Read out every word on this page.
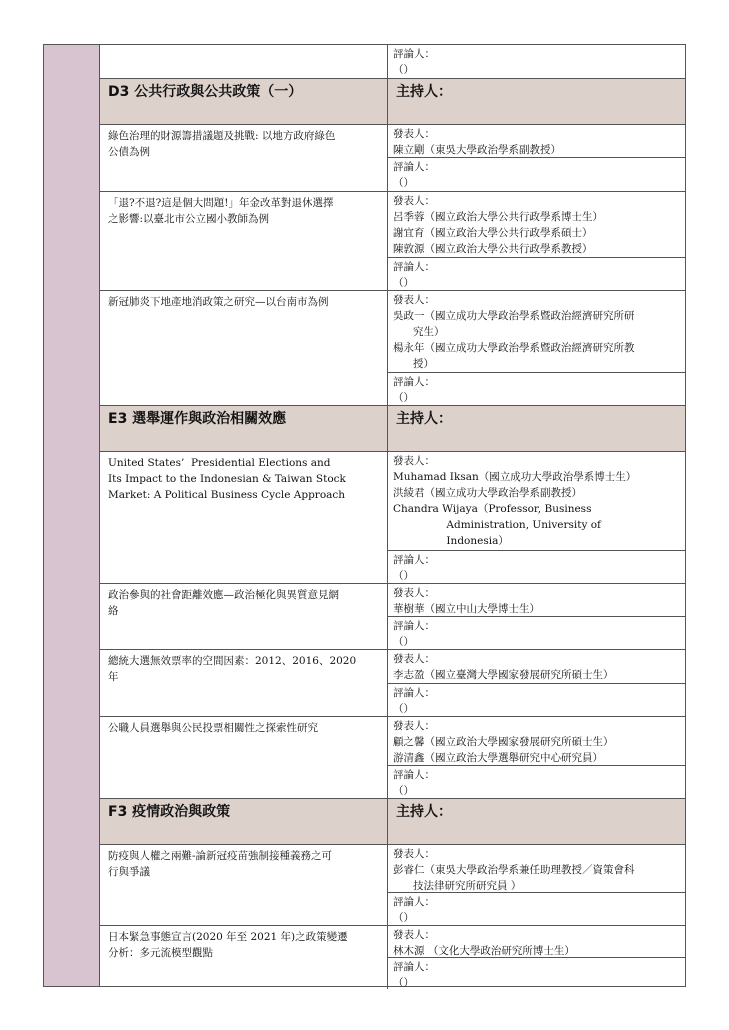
評論人：
（）
D3 公共行政與公共政策（一）	主持人：
綠色治理的財源籌措議題及挑戰: 以地方政府綠色
公債為例
發表人：
陳立剛（東吳大學政治學系副教授）
評論人：
（）
「退?不退?這是個大問題!」年金改革對退休選擇
之影響:以臺北市公立國小教師為例
發表人：
呂季蓉（國立政治大學公共行政學系博士生）
謝宜育（國立政治大學公共行政學系碩士）
陳敦源（國立政治大學公共行政學系教授）
評論人：
（）
新冠肺炎下地產地消政策之研究—以台南市為例	發表人：
吳政一（國立成功大學政治學系暨政治經濟研究所研
究生）
楊永年（國立成功大學政治學系暨政治經濟研究所教
授）
評論人：
（）
E3 選舉運作與政治相關效應	主持人：
United States’  Presidential Elections and
Its Impact to the Indonesian & Taiwan Stock
Market: A Political Business Cycle Approach
發表人：
Muhamad Iksan（國立成功大學政治學系博士生）
洪綾君（國立成功大學政治學系副教授）
Chandra Wijaya（Professor, Business
Administration, University of
Indonesia）
評論人：
（）
政治參與的社會距離效應—政治極化與異質意見網
絡
發表人：
華樹華（國立中山大學博士生）
評論人：
（）
總統大選無效票率的空間因素：2012、2016、2020
年
發表人：
李志盈（國立臺灣大學國家發展研究所碩士生）
評論人：
（）
公職人員選舉與公民投票相關性之探索性研究	發表人：
顧之馨（國立政治大學國家發展研究所碩士生）
游清鑫（國立政治大學選舉研究中心研究員）
評論人：
（）
F3 疫情政治與政策	主持人：
防疫與人權之兩難-論新冠疫苗強制接種義務之可
行與爭議
發表人：
彭睿仁（東吳大學政治學系兼任助理教授／資策會科
技法律研究所研究員 ）
評論人：
（）
日本緊急事態宣言(2020 年至 2021 年)之政策變遷
分析：多元流模型觀點
發表人：
林木源 （文化大學政治研究所博士生）
評論人：
（）
